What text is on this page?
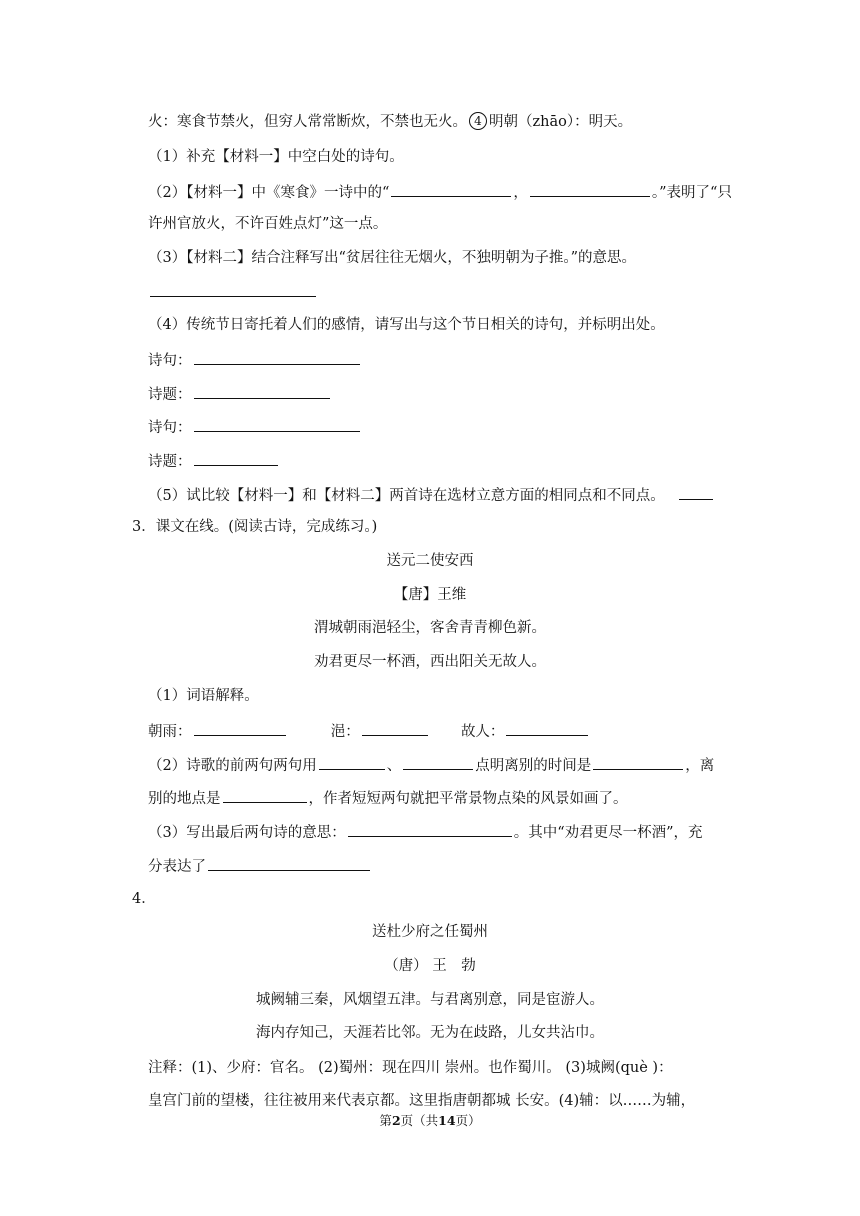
火：寒食节禁火，但穷人常常断炊，不禁也无火。 4 明朝（zhāo）：明天。
（1）补充【材料一】中空白处的诗句。
（2）【材料一】中《寒食》一诗中的“	，	。”表明了“只
许州官放火，不许百姓点灯”这一点。
（3）【材料二】结合注释写出“贫居往往无烟火，不独明朝为子推。”的意思。
（4）传统节日寄托着人们的感情，请写出与这个节日相关的诗句，并标明出处。
诗句：
诗题：
诗句：
诗题：
（5）试比较【材料一】和【材料二】两首诗在选材立意方面的相同点和不同点。
3．课文在线。(阅读古诗，完成练习。)
送元二使安西
【唐】王维
渭城朝雨浥轻尘，客舍青青柳色新。
劝君更尽一杯酒，西出阳关无故人。
（1）词语解释。
朝雨：	浥：	故人：
（2）诗歌的前两句两句用	、	点明离别的时间是	，离
别的地点是	，作者短短两句就把平常景物点染的风景如画了。
（3）写出最后两句诗的意思：	。其中“劝君更尽一杯酒”，充
分表达了
4．
送杜少府之任蜀州
（唐） 王　勃
城阙辅三秦，风烟望五津。与君离别意，同是宦游人。
海内存知己，天涯若比邻。无为在歧路，儿女共沾巾。
注释：(1)、少府：官名。 (2)蜀州：现在四川 崇州。也作蜀川。 (3)城阙(què )：
皇宫门前的望楼，往往被用来代表京都。这里指唐朝都城 长安。(4)辅：以……为辅，
第2页（共14页）
